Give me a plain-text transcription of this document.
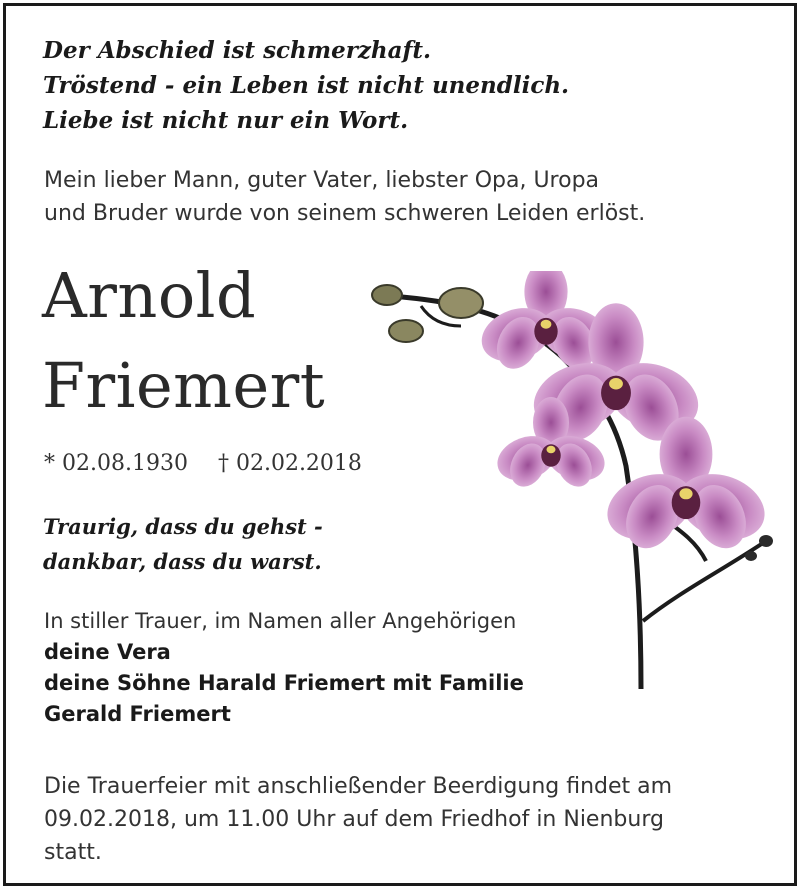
Der Abschied ist schmerzhaft.
Tröstend - ein Leben ist nicht unendlich.
Liebe ist nicht nur ein Wort.
Mein lieber Mann, guter Vater, liebster Opa, Uropa
und Bruder wurde von seinem schweren Leiden erlöst.
Arnold
Friemert
* 02.08.1930 † 02.02.2018
Traurig, dass du gehst -
dankbar, dass du warst.
In stiller Trauer, im Namen aller Angehörigen
deine Vera
deine Söhne Harald Friemert mit Familie
Gerald Friemert
Die Trauerfeier mit anschließender Beerdigung findet am
09.02.2018, um 11.00 Uhr auf dem Friedhof in Nienburg
statt.
